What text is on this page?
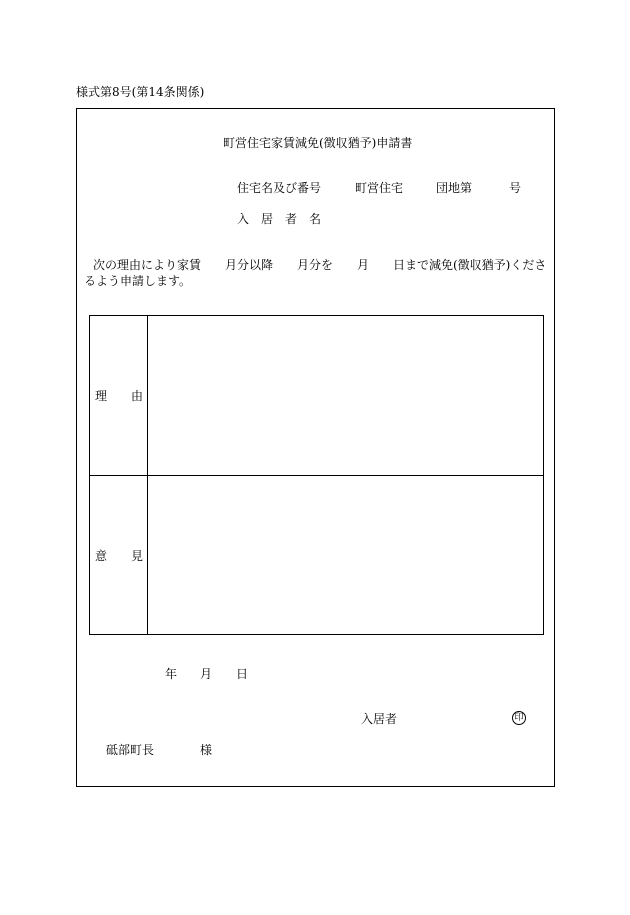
様式第8号(第14条関係)
町営住宅家賃減免(徴収猶予)申請書
住宅名及び番号	町営住宅	団地第	号
入　居　者　名
次の理由により家賃　　月分以降　　月分を　　月　　日まで減免(徴収猶予)くださ
るよう申請します。
理　　由
意　　見
年 月 日
入居者	印
砥部町長	様
